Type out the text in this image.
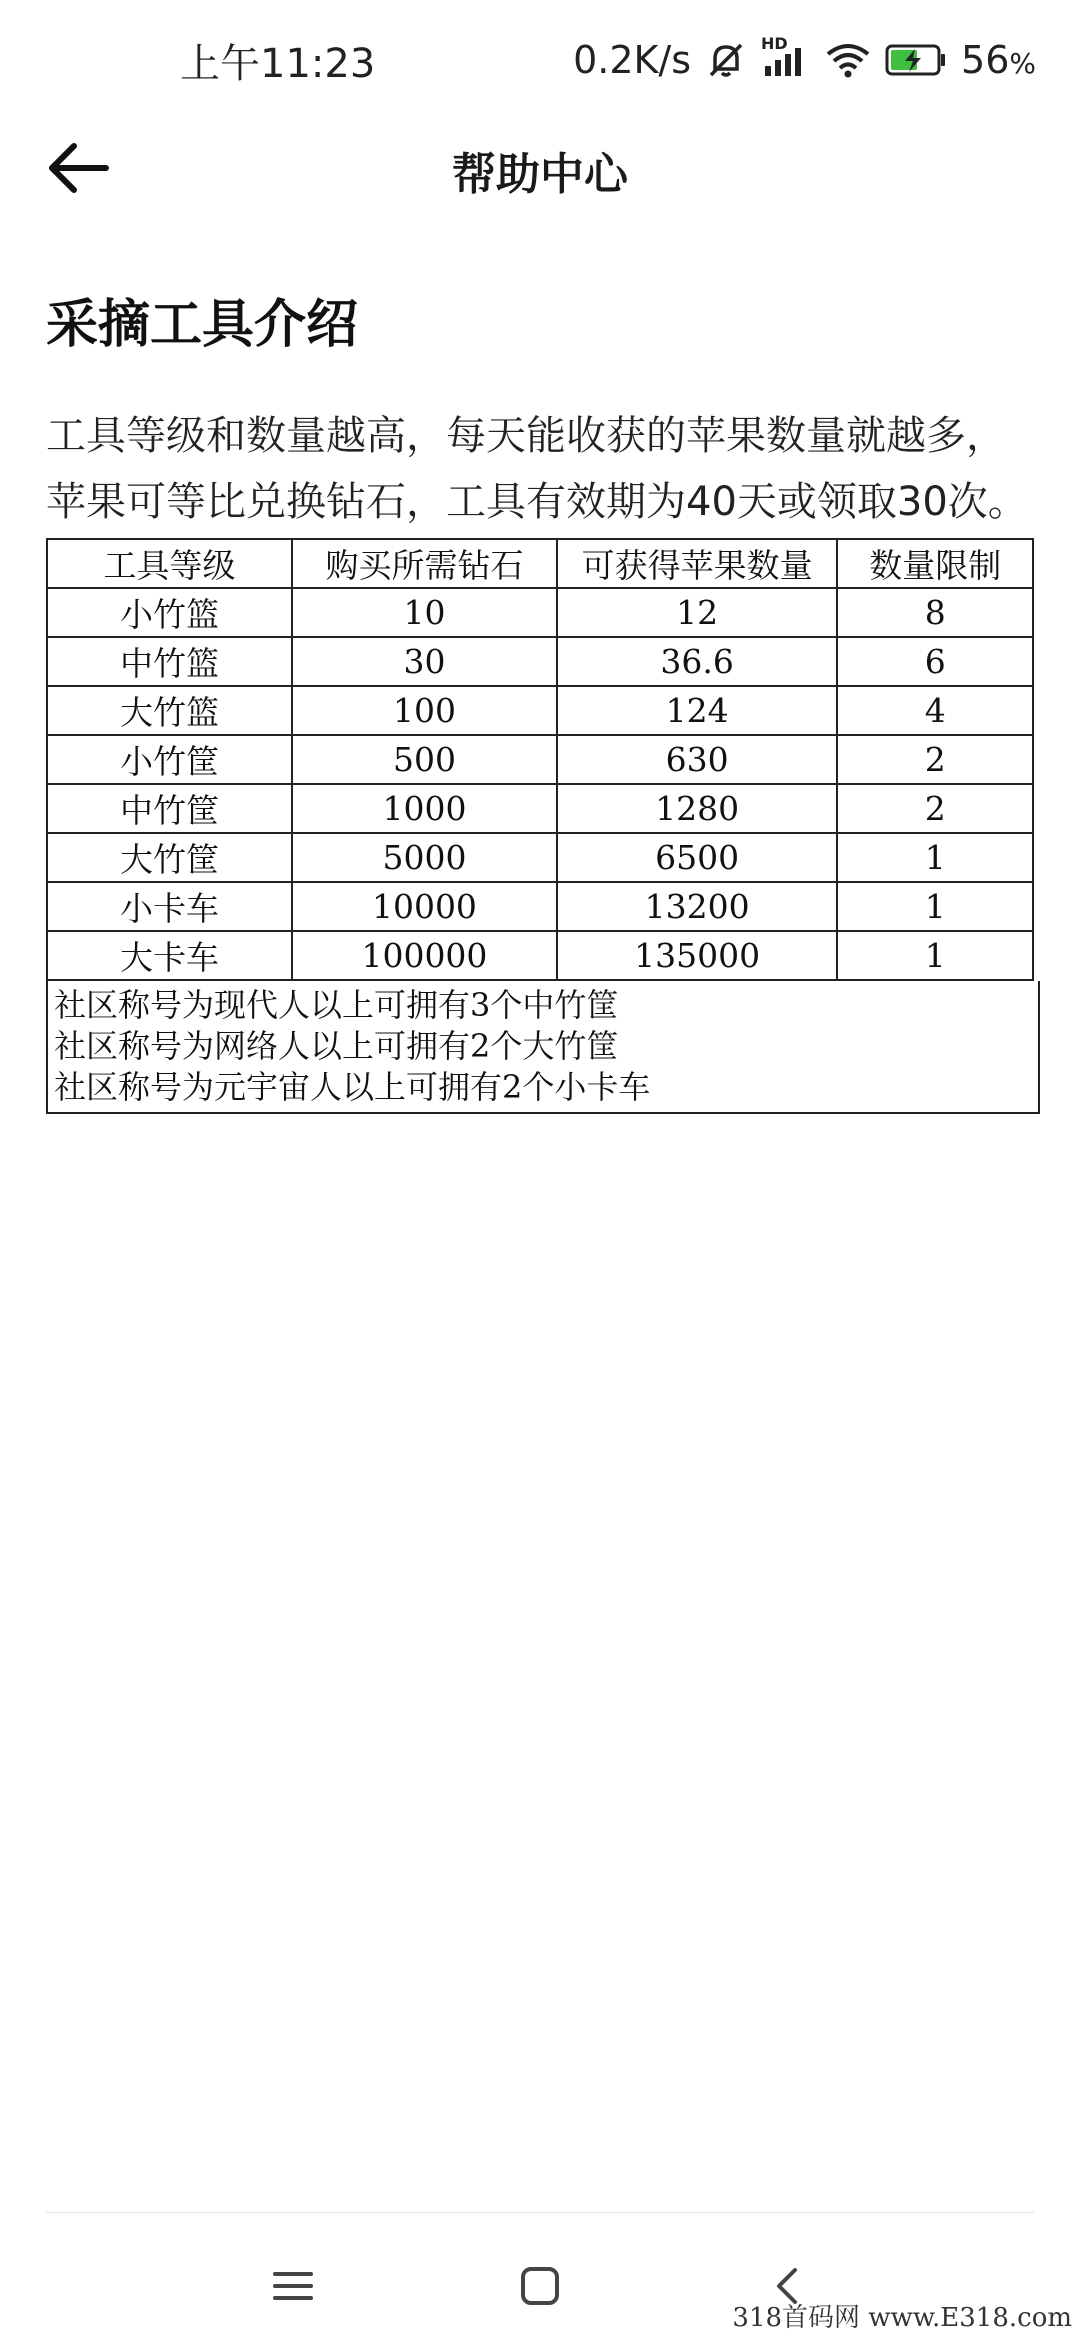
上午11:23	0.2K/s	HD	56%
帮助中心
采摘工具介绍
工具等级和数量越高，每天能收获的苹果数量就越多，
苹果可等比兑换钻石，工具有效期为40天或领取30次。
工具等级	购买所需钻石	可获得苹果数量	数量限制
小竹篮	10	12	8
中竹篮	30	36.6	6
大竹篮	100	124	4
小竹筐	500	630	2
中竹筐	1000	1280	2
大竹筐	5000	6500	1
小卡车	10000	13200	1
大卡车	100000	135000	1
社区称号为现代人以上可拥有3个中竹筐
社区称号为网络人以上可拥有2个大竹筐
社区称号为元宇宙人以上可拥有2个小卡车
318首码网 www.E318.com
